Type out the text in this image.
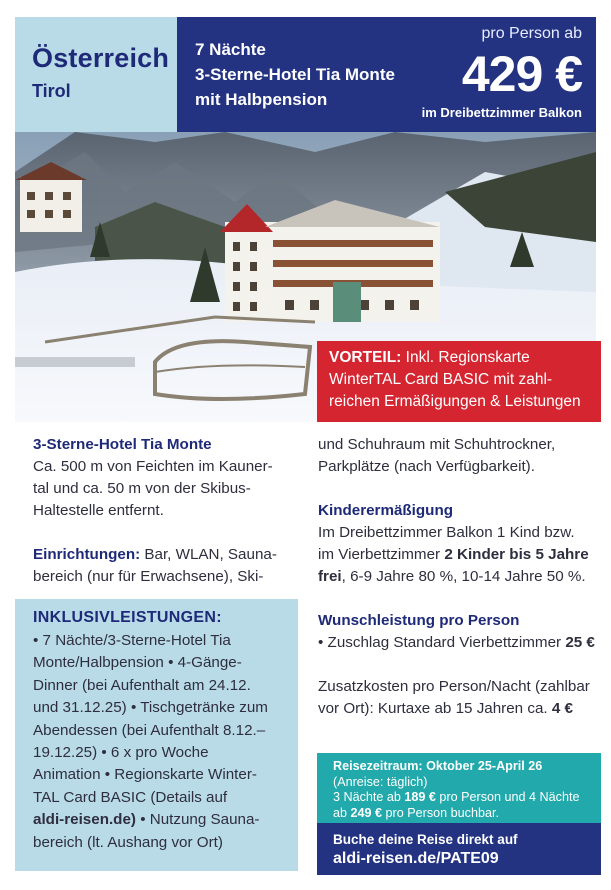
Österreich
Tirol
7 Nächte
3-Sterne-Hotel Tia Monte
mit Halbpension
pro Person ab
429 €
im Dreibettzimmer Balkon
VORTEIL: Inkl. Regionskarte
WinterTAL Card BASIC mit zahl-
reichen Ermäßigungen & Leistungen
3-Sterne-Hotel Tia Monte
Ca. 500 m von Feichten im Kauner-
tal und ca. 50 m von der Skibus-
Haltestelle entfernt.
Einrichtungen: Bar, WLAN, Sauna-
bereich (nur für Erwachsene), Ski-
INKLUSIVLEISTUNGEN:
• 7 Nächte/3-Sterne-Hotel Tia
Monte/Halbpension • 4-Gänge-
Dinner (bei Aufenthalt am 24.12.
und 31.12.25) • Tischgetränke zum
Abendessen (bei Aufenthalt 8.12.–
19.12.25) • 6 x pro Woche
Animation • Regionskarte Winter-
TAL Card BASIC (Details auf
aldi-reisen.de) • Nutzung Sauna-
bereich (lt. Aushang vor Ort)
und Schuhraum mit Schuhtrockner,
Parkplätze (nach Verfügbarkeit).
Kinderermäßigung
Im Dreibettzimmer Balkon 1 Kind bzw.
im Vierbettzimmer 2 Kinder bis 5 Jahre
frei, 6-9 Jahre 80 %, 10-14 Jahre 50 %.
Wunschleistung pro Person
• Zuschlag Standard Vierbettzimmer 25 €
Zusatzkosten pro Person/Nacht (zahlbar
vor Ort): Kurtaxe ab 15 Jahren ca. 4 €
Reisezeitraum: Oktober 25-April 26
(Anreise: täglich)
3 Nächte ab 189 € pro Person und 4 Nächte
ab 249 € pro Person buchbar.
Buche deine Reise direkt auf
aldi-reisen.de/PATE09
